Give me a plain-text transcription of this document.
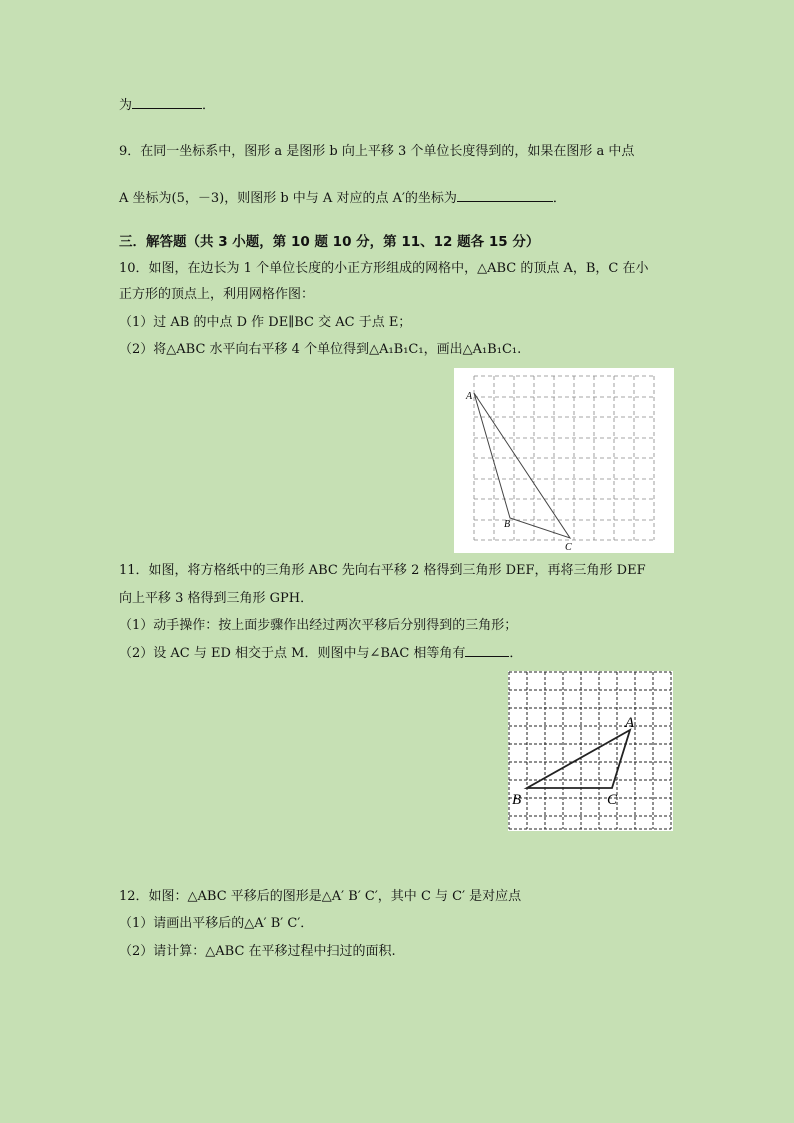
为	．
9．在同一坐标系中，图形 a 是图形 b 向上平移 3 个单位长度得到的，如果在图形 a 中点
A 坐标为(5，－3)，则图形 b 中与 A 对应的点 A′的坐标为	．
三．解答题（共 3 小题，第 10 题 10 分，第 11、12 题各 15 分）
10．如图，在边长为 1 个单位长度的小正方形组成的网格中，△ABC 的顶点 A，B，C 在小
正方形的顶点上，利用网格作图：
（1）过 AB 的中点 D 作 DE∥BC 交 AC 于点 E；
（2）将△ABC 水平向右平移 4 个单位得到△A₁B₁C₁，画出△A₁B₁C₁.
A
B
C
11．如图，将方格纸中的三角形 ABC 先向右平移 2 格得到三角形 DEF，再将三角形 DEF
向上平移 3 格得到三角形 GPH．
（1）动手操作：按上面步骤作出经过两次平移后分别得到的三角形；
（2）设 AC 与 ED 相交于点 M．则图中与∠BAC 相等角有	．
A
B	C
12．如图：△ABC 平移后的图形是△A′ B′ C′，其中 C 与 C′ 是对应点
（1）请画出平移后的△A′ B′ C′．
（2）请计算：△ABC 在平移过程中扫过的面积.
